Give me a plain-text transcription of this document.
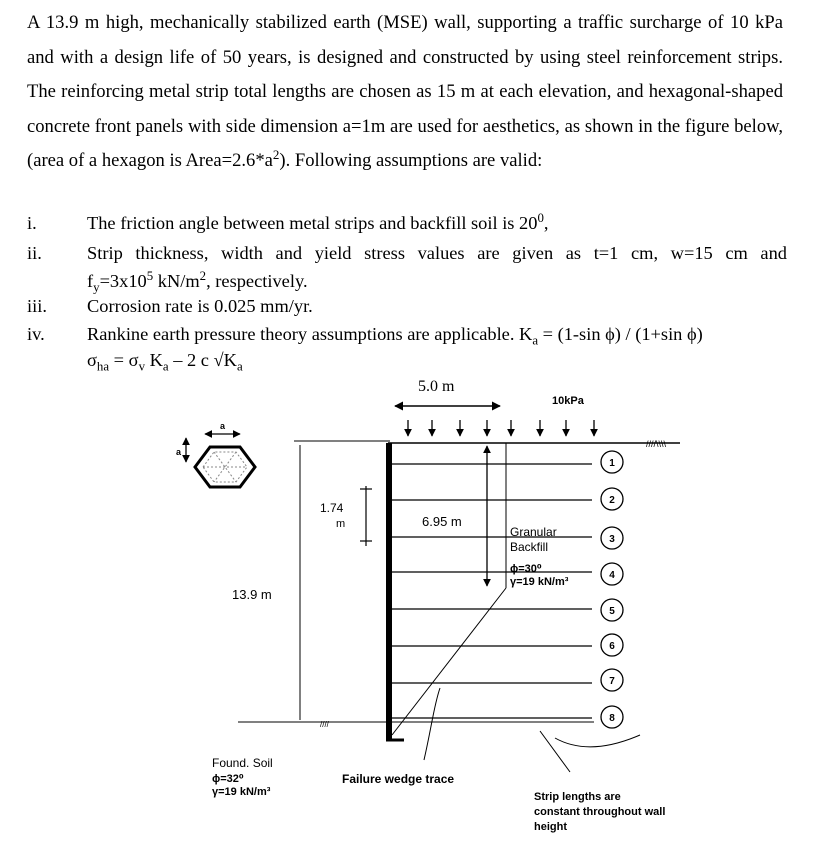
A 13.9 m high, mechanically stabilized earth (MSE) wall, supporting a traffic surcharge of 10 kPa and with a design life of 50 years, is designed and constructed by using steel reinforcement strips. The reinforcing metal strip total lengths are chosen as 15 m at each elevation, and hexagonal-shaped concrete front panels with side dimension a=1m are used for aesthetics, as shown in the figure below, (area of a hexagon is $Area=2.6*a^2$). Following assumptions are valid:

i.	The friction angle between metal strips and backfill soil is $20^0$,
ii.	Strip thickness, width and yield stress values are given as t=1 cm, w=15 cm and
$f_y=3x10^5$ $kN/m^2$, respectively.
iii.	Corrosion rate is 0.025 mm/yr.
iv.	Rankine earth pressure theory assumptions are applicable. $K_a = (1-\sin$ ϕ) / (1+sin ϕ)
$\sigma_{ha} = \sigma_v$ $K_a - 2$ c $√K_a$
a
a
5.0 m
10kPa
////\\\\
13.9 m
1.74
m	6.95 m
1
2
3
4
5
6
7
8
Granular
Backfill
ϕ=30⁰
γ=19 kN/m³
////
Found. Soil
ϕ=32⁰
γ=19 kN/m³
Failure wedge trace
Strip lengths are
constant throughout wall
height
